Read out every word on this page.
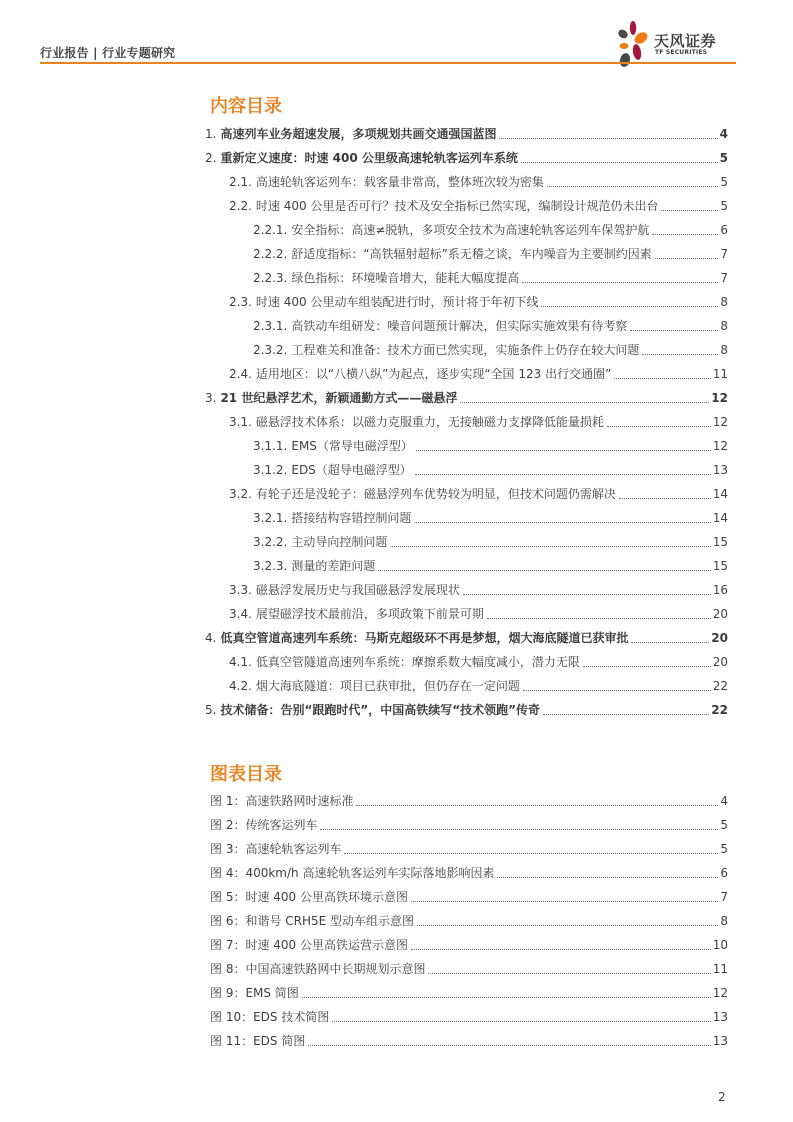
行业报告 | 行业专题研究
天风证券
TF SECURITIES
内容目录
1. 高速列车业务超速发展，多项规划共画交通强国蓝图	4
2. 重新定义速度：时速 400 公里级高速轮轨客运列车系统	5
2.1. 高速轮轨客运列车：载客量非常高，整体班次较为密集	5
2.2. 时速 400 公里是否可行？技术及安全指标已然实现，编制设计规范仍未出台	5
2.2.1. 安全指标：高速≠脱轨，多项安全技术为高速轮轨客运列车保驾护航	6
2.2.2. 舒适度指标：“高铁辐射超标”系无稽之谈，车内噪音为主要制约因素	7
2.2.3. 绿色指标：环境噪音增大，能耗大幅度提高	7
2.3. 时速 400 公里动车组装配进行时，预计将于年初下线	8
2.3.1. 高铁动车组研发：噪音问题预计解决，但实际实施效果有待考察	8
2.3.2. 工程难关和准备：技术方面已然实现，实施条件上仍存在较大问题	8
2.4. 适用地区：以“八横八纵”为起点，逐步实现“全国 123 出行交通圈”	11
3. 21 世纪悬浮艺术，新颖通勤方式——磁悬浮	12
3.1. 磁悬浮技术体系：以磁力克服重力，无接触磁力支撑降低能量损耗	12
3.1.1. EMS（常导电磁浮型）	12
3.1.2. EDS（超导电磁浮型）	13
3.2. 有轮子还是没轮子：磁悬浮列车优势较为明显，但技术问题仍需解决	14
3.2.1. 搭接结构容错控制问题	14
3.2.2. 主动导向控制问题	15
3.2.3. 测量的差距问题	15
3.3. 磁悬浮发展历史与我国磁悬浮发展现状	16
3.4. 展望磁浮技术最前沿，多项政策下前景可期	20
4. 低真空管道高速列车系统：马斯克超级环不再是梦想，烟大海底隧道已获审批	20
4.1. 低真空管隧道高速列车系统：摩擦系数大幅度减小，潜力无限	20
4.2. 烟大海底隧道：项目已获审批，但仍存在一定问题	22
5. 技术储备：告别“跟跑时代”，中国高铁续写“技术领跑”传奇	22
图表目录
图 1：高速铁路网时速标准	4
图 2：传统客运列车	5
图 3：高速轮轨客运列车	5
图 4：400km/h 高速轮轨客运列车实际落地影响因素	6
图 5：时速 400 公里高铁环境示意图	7
图 6：和谐号 CRH5E 型动车组示意图	8
图 7：时速 400 公里高铁运营示意图	10
图 8：中国高速铁路网中长期规划示意图	11
图 9：EMS 简图	12
图 10：EDS 技术简图	13
图 11：EDS 简图	13
2
